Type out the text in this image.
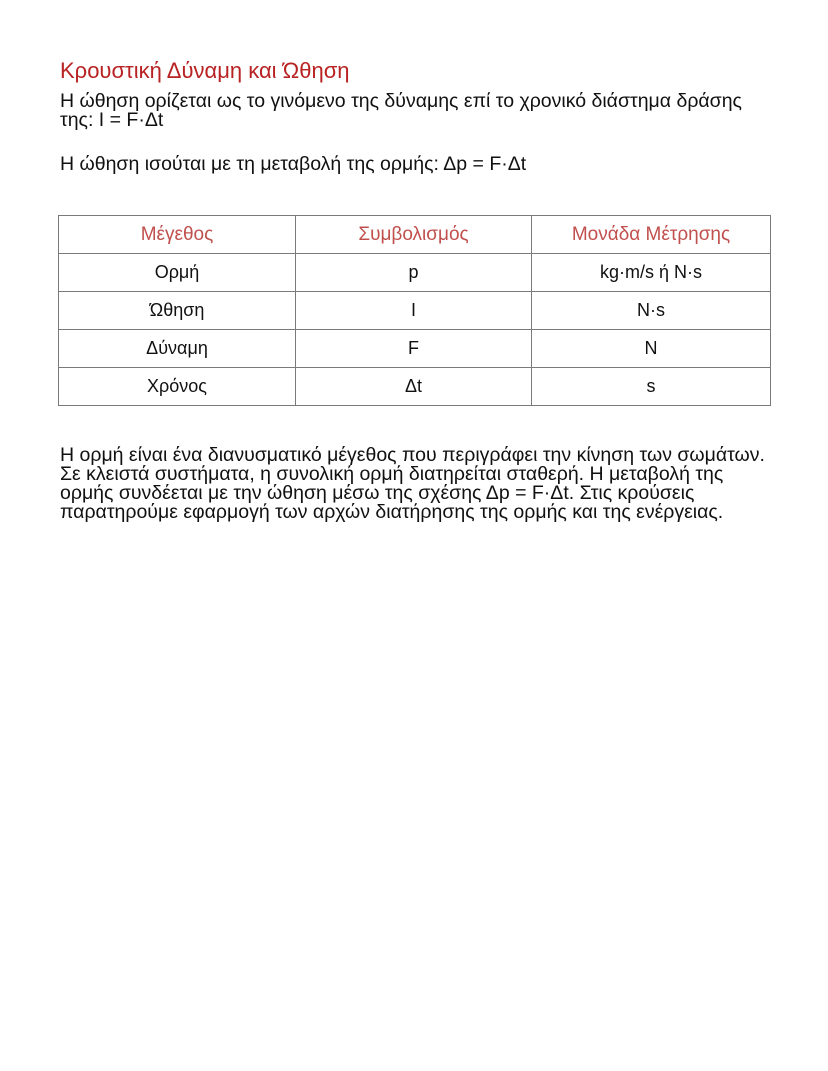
Κρουστική Δύναμη και Ώθηση

Η ώθηση ορίζεται ως το γινόμενο της δύναμης επί το χρονικό διάστημα δράσης της: I = F·Δt

Η ώθηση ισούται με τη μεταβολή της ορμής: Δp = F·Δt

Μέγεθος	Συμβολισμός	Μονάδα Μέτρησης
Ορμή	p	kg·m/s ή N·s
Ώθηση	I	N·s
Δύναμη	F	N
Χρόνος	Δt	s

Η ορμή είναι ένα διανυσματικό μέγεθος που περιγράφει την κίνηση των σωμάτων. Σε κλειστά συστήματα, η συνολική ορμή διατηρείται σταθερή. Η μεταβολή της ορμής συνδέεται με την ώθηση μέσω της σχέσης Δp = F·Δt. Στις κρούσεις παρατηρούμε εφαρμογή των αρχών διατήρησης της ορμής και της ενέργειας.
